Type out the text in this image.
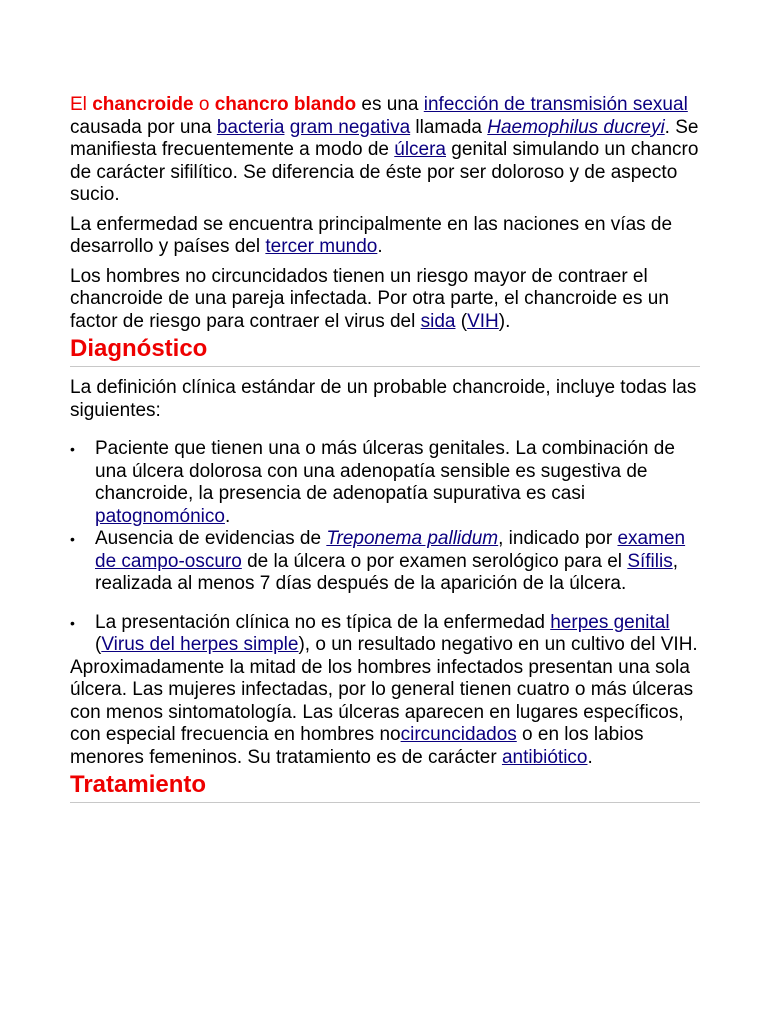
El chancroide o chancro blando es una infección de transmisión sexual causada por una bacteria gram negativa llamada Haemophilus ducreyi. Se manifiesta frecuentemente a modo de úlcera genital simulando un chancro de carácter sifilítico. Se diferencia de éste por ser doloroso y de aspecto sucio.

La enfermedad se encuentra principalmente en las naciones en vías de desarrollo y países del tercer mundo.

Los hombres no circuncidados tienen un riesgo mayor de contraer el chancroide de una pareja infectada. Por otra parte, el chancroide es un factor de riesgo para contraer el virus del sida (VIH).

Diagnóstico

La definición clínica estándar de un probable chancroide, incluye todas las siguientes:

• Paciente que tienen una o más úlceras genitales. La combinación de una úlcera dolorosa con una adenopatía sensible es sugestiva de chancroide, la presencia de adenopatía supurativa es casi patognomónico.
• Ausencia de evidencias de Treponema pallidum, indicado por examen de campo-oscuro de la úlcera o por examen serológico para el Sífilis, realizada al menos 7 días después de la aparición de la úlcera.
• La presentación clínica no es típica de la enfermedad herpes genital (Virus del herpes simple), o un resultado negativo en un cultivo del VIH.

Aproximadamente la mitad de los hombres infectados presentan una sola úlcera. Las mujeres infectadas, por lo general tienen cuatro o más úlceras con menos sintomatología. Las úlceras aparecen en lugares específicos, con especial frecuencia en hombres nocircuncidados o en los labios menores femeninos. Su tratamiento es de carácter antibiótico.

Tratamiento
